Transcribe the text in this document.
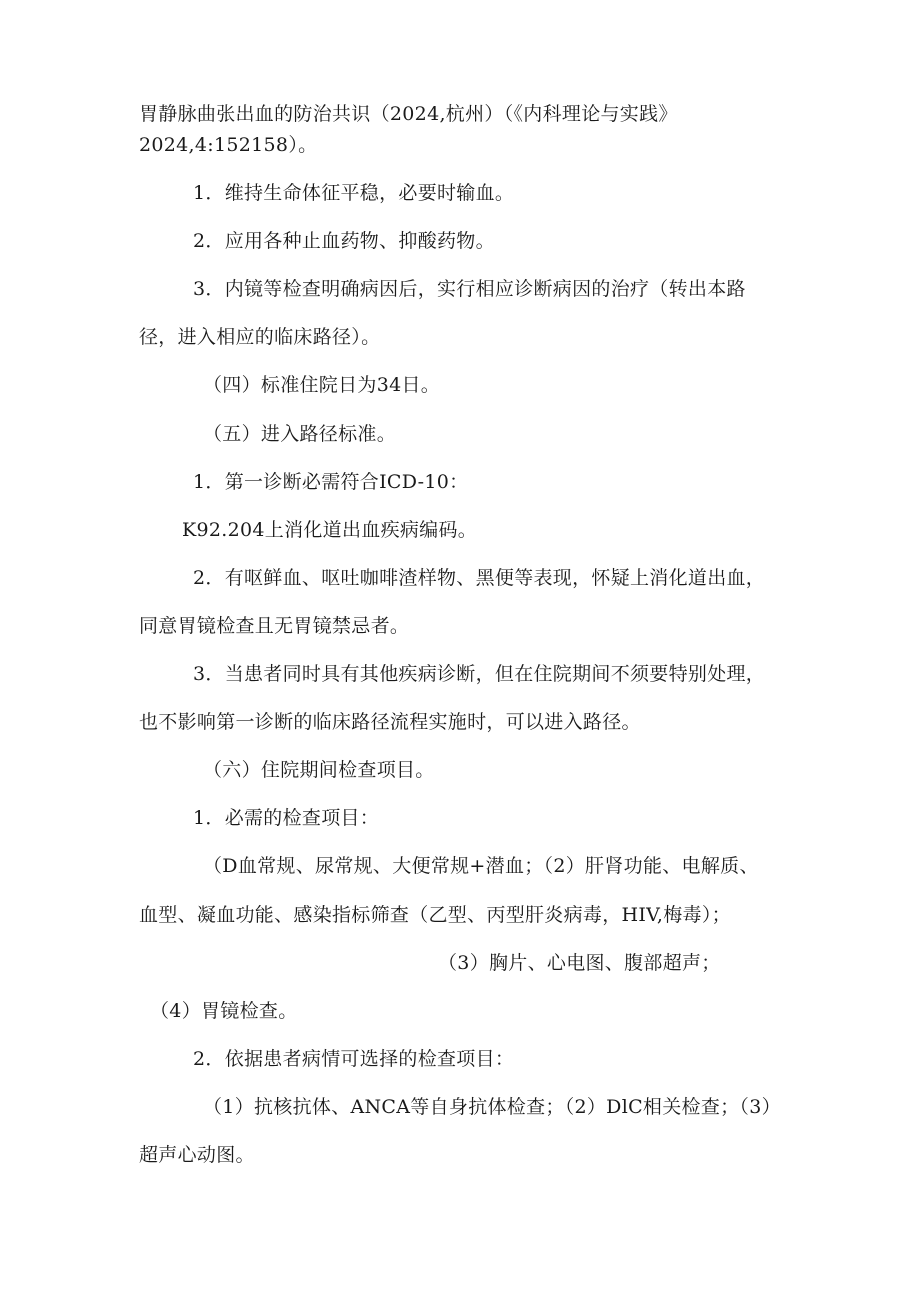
胃静脉曲张出血的防治共识（2024,杭州）（《内科理论与实践》
2024,4:152158）。
1．维持生命体征平稳，必要时输血。
2．应用各种止血药物、抑酸药物。
3．内镜等检查明确病因后，实行相应诊断病因的治疗（转出本路
径，进入相应的临床路径）。
（四）标准住院日为34日。
（五）进入路径标准。
1．第一诊断必需符合ICD-10：
K92.204上消化道出血疾病编码。
2．有呕鲜血、呕吐咖啡渣样物、黑便等表现，怀疑上消化道出血，
同意胃镜检查且无胃镜禁忌者。
3．当患者同时具有其他疾病诊断，但在住院期间不须要特别处理，
也不影响第一诊断的临床路径流程实施时，可以进入路径。
（六）住院期间检查项目。
1．必需的检查项目：
（D血常规、尿常规、大便常规+潜血；（2）肝肾功能、电解质、
血型、凝血功能、感染指标筛查（乙型、丙型肝炎病毒，HIV,梅毒）；
（3）胸片、心电图、腹部超声；
（4）胃镜检查。
2．依据患者病情可选择的检查项目：
（1）抗核抗体、ANCA等自身抗体检查；（2）DlC相关检查；（3）
超声心动图。
